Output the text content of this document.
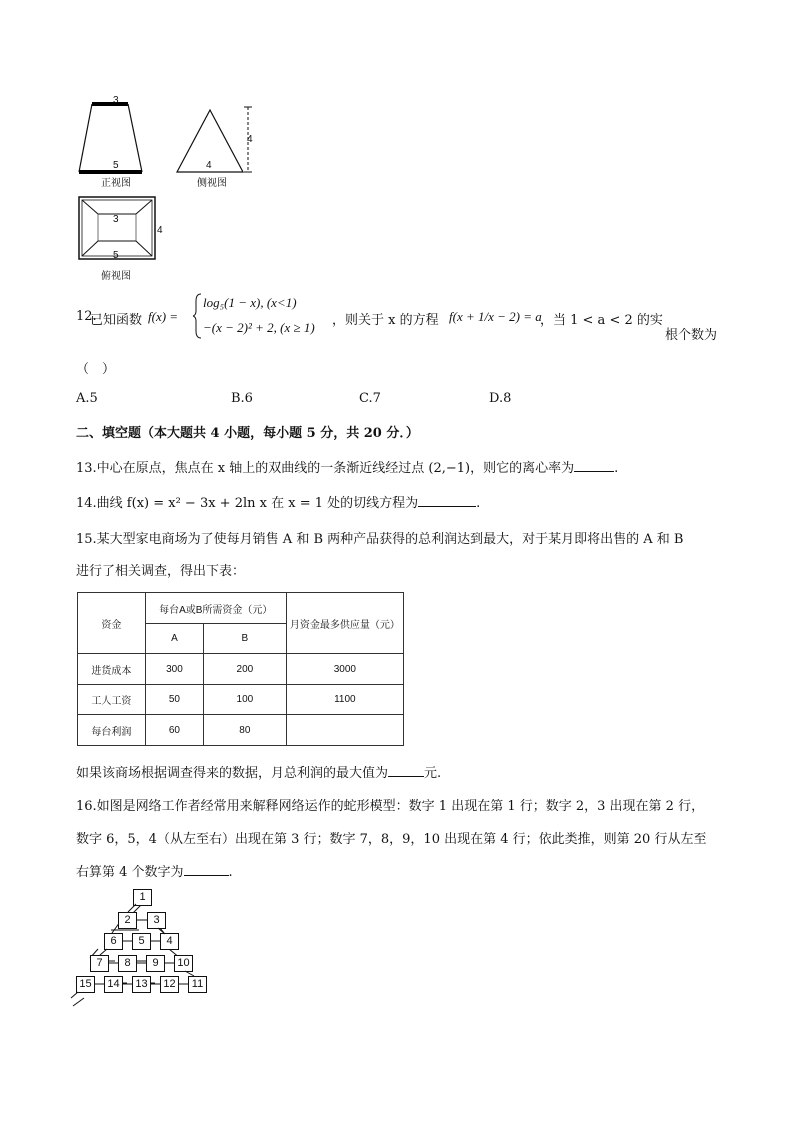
3
5
正视图
4
4
侧视图
3
5
4
俯视图
12.
已知函数 f(x) =
log₅(1 − x), (x<1)
−(x − 2)² + 2, (x ≥ 1) ，则关于 x 的方程 f(x + 1/x − 2) = a
，当 1 < a < 2 的实
根个数为
（　）
A.5	B.6	C.7	D.8
二、填空题（本大题共 4 小题，每小题 5 分，共 20 分．）
13.中心在原点，焦点在 x 轴上的双曲线的一条渐近线经过点 (2,−1)，则它的离心率为	.
14.曲线 f(x) = x² − 3x + 2ln x 在 x = 1 处的切线方程为	.
15.某大型家电商场为了使每月销售 A 和 B 两种产品获得的总利润达到最大，对于某月即将出售的 A 和 B
进行了相关调查，得出下表：
资金	每台A或B所需资金（元）		月资金最多供应量（元）
	A	B	
进货成本	300	200	3000
工人工资	50	100	1100
每台利润	60	80	
如果该商场根据调查得来的数据，月总利润的最大值为	元.
16.如图是网络工作者经常用来解释网络运作的蛇形模型：数字 1 出现在第 1 行；数字 2，3 出现在第 2 行，
数字 6，5，4（从左至右）出现在第 3 行；数字 7，8，9，10 出现在第 4 行；依此类推，则第 20 行从左至
右算第 4 个数字为	.
1
2	3
6	5	4
7	8	9	10
15	14	13	12	11
